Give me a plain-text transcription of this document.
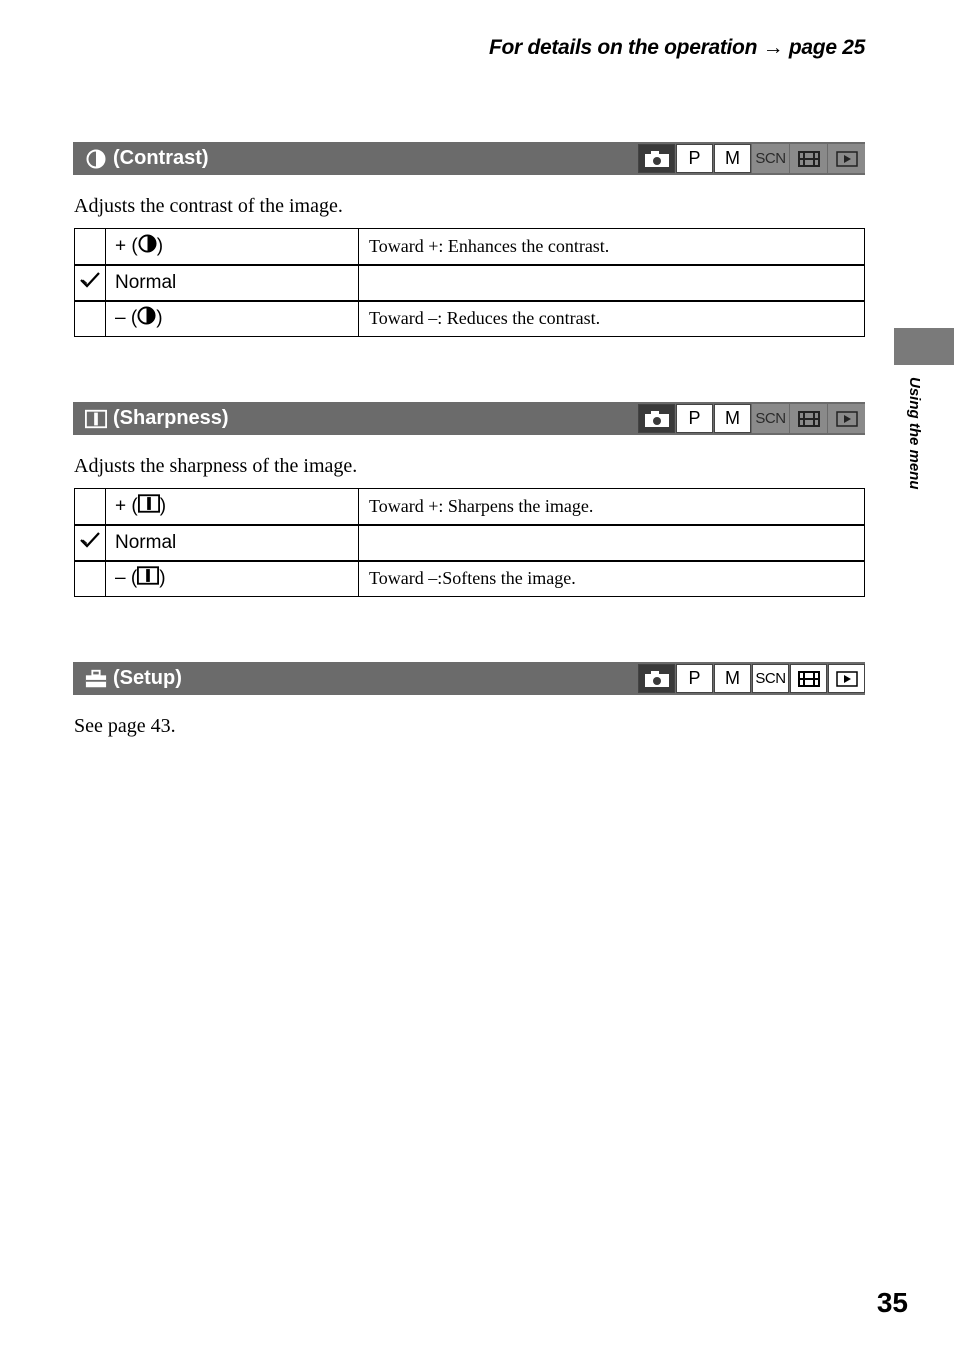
For details on the operation → page 25
Using the menu
(Contrast)	P	M	SCN
Adjusts the contrast of the image.
	+ ( )	Toward +: Enhances the contrast.
	Normal	
	– ( )	Toward –: Reduces the contrast.
(Sharpness)	P	M	SCN
Adjusts the sharpness of the image.
	+ ( )	Toward +: Sharpens the image.
	Normal	
	– ( )	Toward –:Softens the image.
(Setup)	P	M	SCN
See page 43.
35
